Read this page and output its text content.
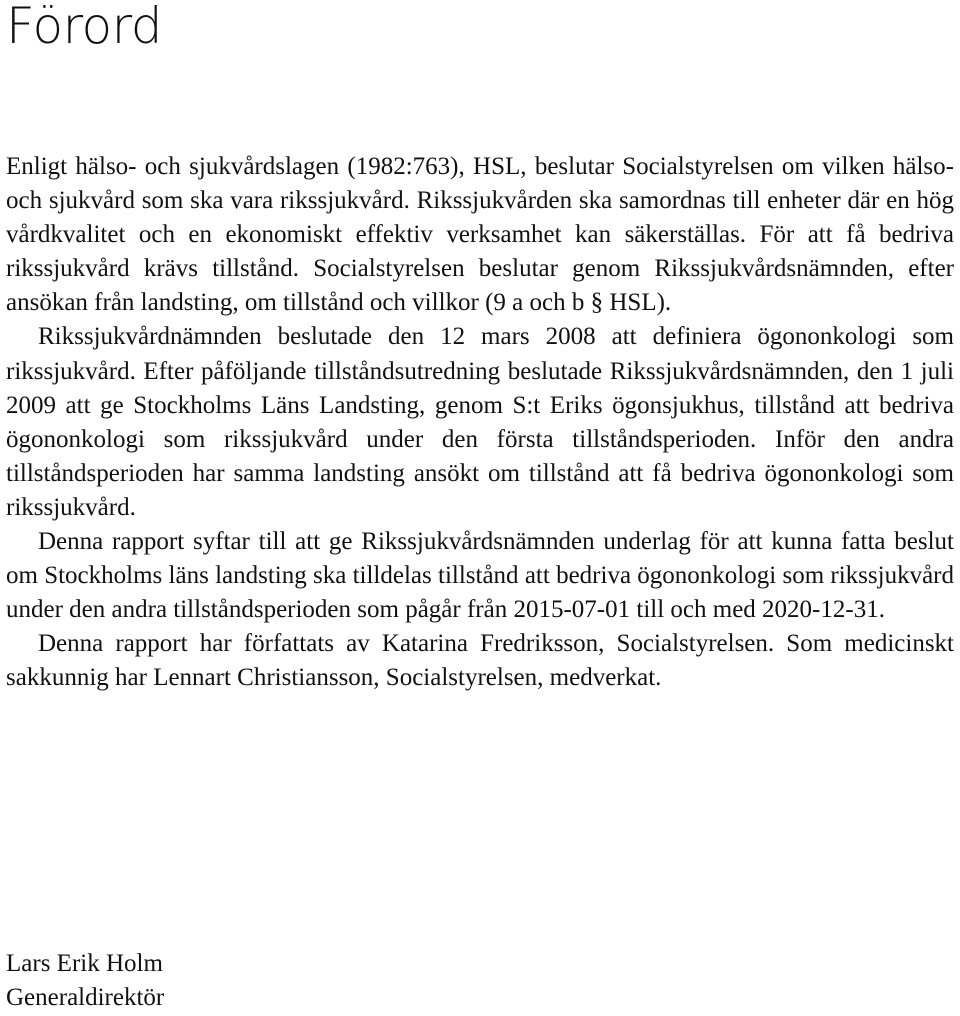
Förord

Enligt hälso- och sjukvårdslagen (1982:763), HSL, beslutar Socialstyrelsen om vilken hälso- och sjukvård som ska vara rikssjukvård. Rikssjukvården ska samordnas till enheter där en hög vårdkvalitet och en ekonomiskt effektiv verksamhet kan säkerställas. För att få bedriva rikssjukvård krävs tillstånd. Socialstyrelsen beslutar genom Rikssjukvårdsnämnden, efter ansökan från landsting, om tillstånd och villkor (9 a och b § HSL).

Rikssjukvårdnämnden beslutade den 12 mars 2008 att definiera ögononkologi som rikssjukvård. Efter påföljande tillståndsutredning beslutade Rikssjukvårdsnämnden, den 1 juli 2009 att ge Stockholms Läns Landsting, genom S:t Eriks ögonsjukhus, tillstånd att bedriva ögononkologi som rikssjukvård under den första tillståndsperioden. Inför den andra tillståndsperioden har samma landsting ansökt om tillstånd att få bedriva ögononkologi som rikssjukvård.

Denna rapport syftar till att ge Rikssjukvårdsnämnden underlag för att kunna fatta beslut om Stockholms läns landsting ska tilldelas tillstånd att bedriva ögononkologi som rikssjukvård under den andra tillståndsperioden som pågår från 2015-07-01 till och med 2020-12-31.

Denna rapport har författats av Katarina Fredriksson, Socialstyrelsen. Som medicinskt sakkunnig har Lennart Christiansson, Socialstyrelsen, medverkat.

Lars Erik Holm
Generaldirektör
